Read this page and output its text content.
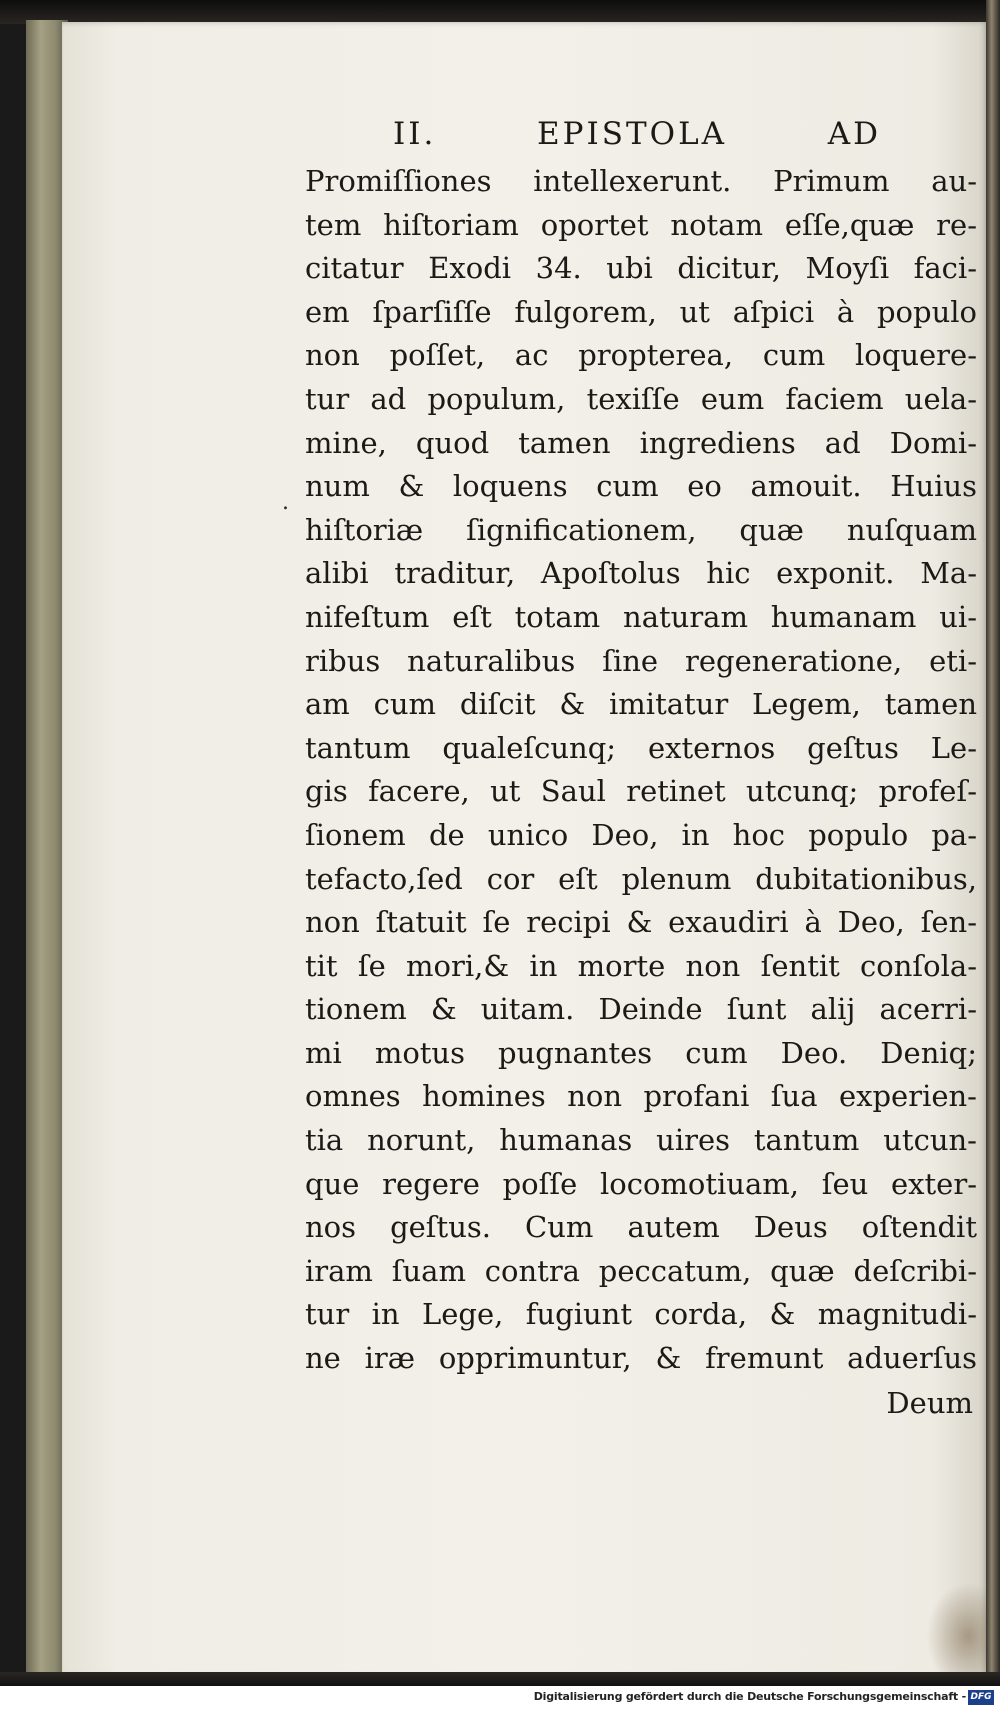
II.	EPISTOLA	AD
Promiſſiones intellexerunt. Primum au-
tem hiſtoriam oportet notam eſſe,quæ re-
citatur Exodi 34. ubi dicitur, Moyſi faci-
em ſparſiſſe fulgorem, ut aſpici à populo
non poſſet, ac propterea, cum loquere-
tur ad populum, texiſſe eum faciem uela-
mine, quod tamen ingrediens ad Domi-
num & loquens cum eo amouit. Huius
hiſtoriæ ſignificationem, quæ nuſquam
alibi traditur, Apoſtolus hic exponit. Ma-
nifeſtum eſt totam naturam humanam ui-
ribus naturalibus ſine regeneratione, eti-
am cum diſcit & imitatur Legem, tamen
tantum qualeſcunq; externos geſtus Le-
gis facere, ut Saul retinet utcunq; profeſ-
ſionem de unico Deo, in hoc populo pa-
tefacto,ſed cor eſt plenum dubitationibus,
non ſtatuit ſe recipi & exaudiri à Deo, ſen-
tit ſe mori,& in morte non ſentit conſola-
tionem & uitam. Deinde ſunt alij acerri-
mi motus pugnantes cum Deo. Deniq;
omnes homines non profani ſua experien-
tia norunt, humanas uires tantum utcun-
que regere poſſe locomotiuam, ſeu exter-
nos geſtus. Cum autem Deus oſtendit
iram ſuam contra peccatum, quæ deſcribi-
tur in Lege, fugiunt corda, & magnitudi-
ne iræ opprimuntur, & fremunt aduerſus
Deum
.
Digitalisierung gefördert durch die Deutsche Forschungsgemeinschaft - DFG
